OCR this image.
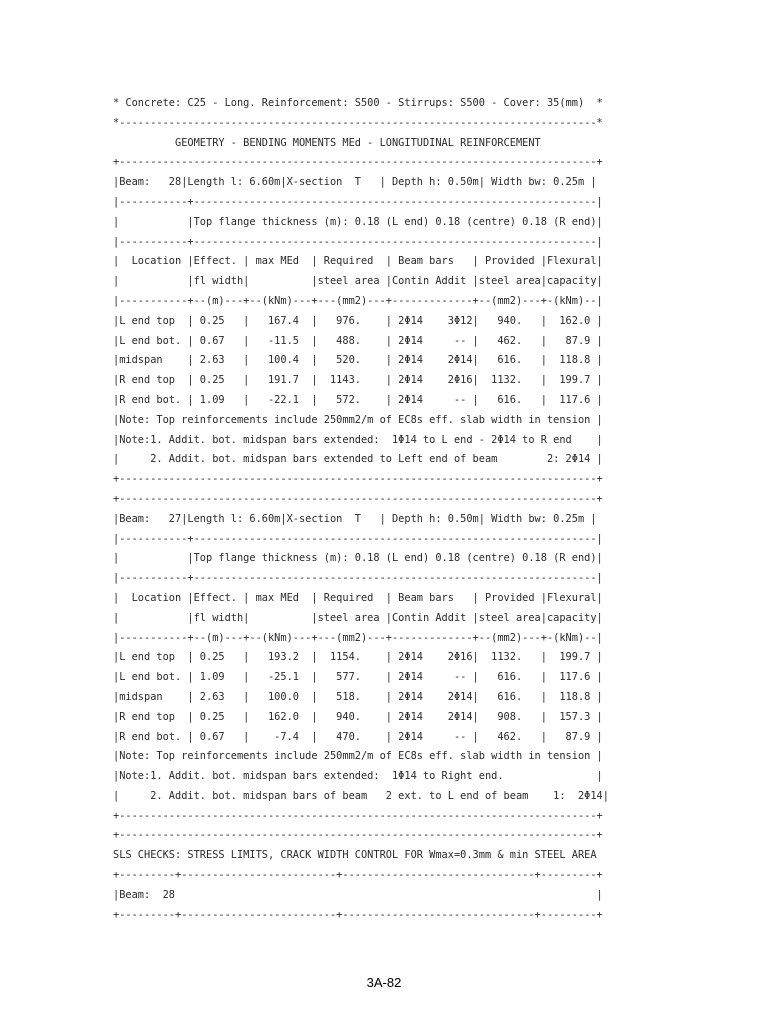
* Concrete: C25 - Long. Reinforcement: S500 - Stirrups: S500 - Cover: 35(mm)  *
*-----------------------------------------------------------------------------*
GEOMETRY - BENDING MOMENTS MEd - LONGITUDINAL REINFORCEMENT
+-----------------------------------------------------------------------------+
|Beam:   28|Length l: 6.60m|X-section  T   | Depth h: 0.50m| Width bw: 0.25m |
|-----------+-----------------------------------------------------------------|
|           |Top flange thickness (m): 0.18 (L end) 0.18 (centre) 0.18 (R end)|
|-----------+-----------------------------------------------------------------|
|  Location |Effect. | max MEd  | Required  | Beam bars   | Provided |Flexural|
|           |fl width|          |steel area |Contin Addit |steel area|capacity|
|-----------+--(m)---+--(kNm)---+---(mm2)---+-------------+--(mm2)---+-(kNm)--|
|L end top  | 0.25   |   167.4  |   976.    | 2Φ14    3Φ12|   940.   |  162.0 |
|L end bot. | 0.67   |   -11.5  |   488.    | 2Φ14     -- |   462.   |   87.9 |
|midspan    | 2.63   |   100.4  |   520.    | 2Φ14    2Φ14|   616.   |  118.8 |
|R end top  | 0.25   |   191.7  |  1143.    | 2Φ14    2Φ16|  1132.   |  199.7 |
|R end bot. | 1.09   |   -22.1  |   572.    | 2Φ14     -- |   616.   |  117.6 |
|Note: Top reinforcements include 250mm2/m of EC8s eff. slab width in tension |
|Note:1. Addit. bot. midspan bars extended:  1Φ14 to L end - 2Φ14 to R end    |
|     2. Addit. bot. midspan bars extended to Left end of beam        2: 2Φ14 |
+-----------------------------------------------------------------------------+
+-----------------------------------------------------------------------------+
|Beam:   27|Length l: 6.60m|X-section  T   | Depth h: 0.50m| Width bw: 0.25m |
|-----------+-----------------------------------------------------------------|
|           |Top flange thickness (m): 0.18 (L end) 0.18 (centre) 0.18 (R end)|
|-----------+-----------------------------------------------------------------|
|  Location |Effect. | max MEd  | Required  | Beam bars   | Provided |Flexural|
|           |fl width|          |steel area |Contin Addit |steel area|capacity|
|-----------+--(m)---+--(kNm)---+---(mm2)---+-------------+--(mm2)---+-(kNm)--|
|L end top  | 0.25   |   193.2  |  1154.    | 2Φ14    2Φ16|  1132.   |  199.7 |
|L end bot. | 1.09   |   -25.1  |   577.    | 2Φ14     -- |   616.   |  117.6 |
|midspan    | 2.63   |   100.0  |   518.    | 2Φ14    2Φ14|   616.   |  118.8 |
|R end top  | 0.25   |   162.0  |   940.    | 2Φ14    2Φ14|   908.   |  157.3 |
|R end bot. | 0.67   |    -7.4  |   470.    | 2Φ14     -- |   462.   |   87.9 |
|Note: Top reinforcements include 250mm2/m of EC8s eff. slab width in tension |
|Note:1. Addit. bot. midspan bars extended:  1Φ14 to Right end.               |
|     2. Addit. bot. midspan bars of beam   2 ext. to L end of beam    1:  2Φ14|
+-----------------------------------------------------------------------------+
+-----------------------------------------------------------------------------+
SLS CHECKS: STRESS LIMITS, CRACK WIDTH CONTROL FOR Wmax=0.3mm & min STEEL AREA
+---------+-------------------------+-------------------------------+---------+
|Beam:  28                                                                    |
+---------+-------------------------+-------------------------------+---------+
3A-82
